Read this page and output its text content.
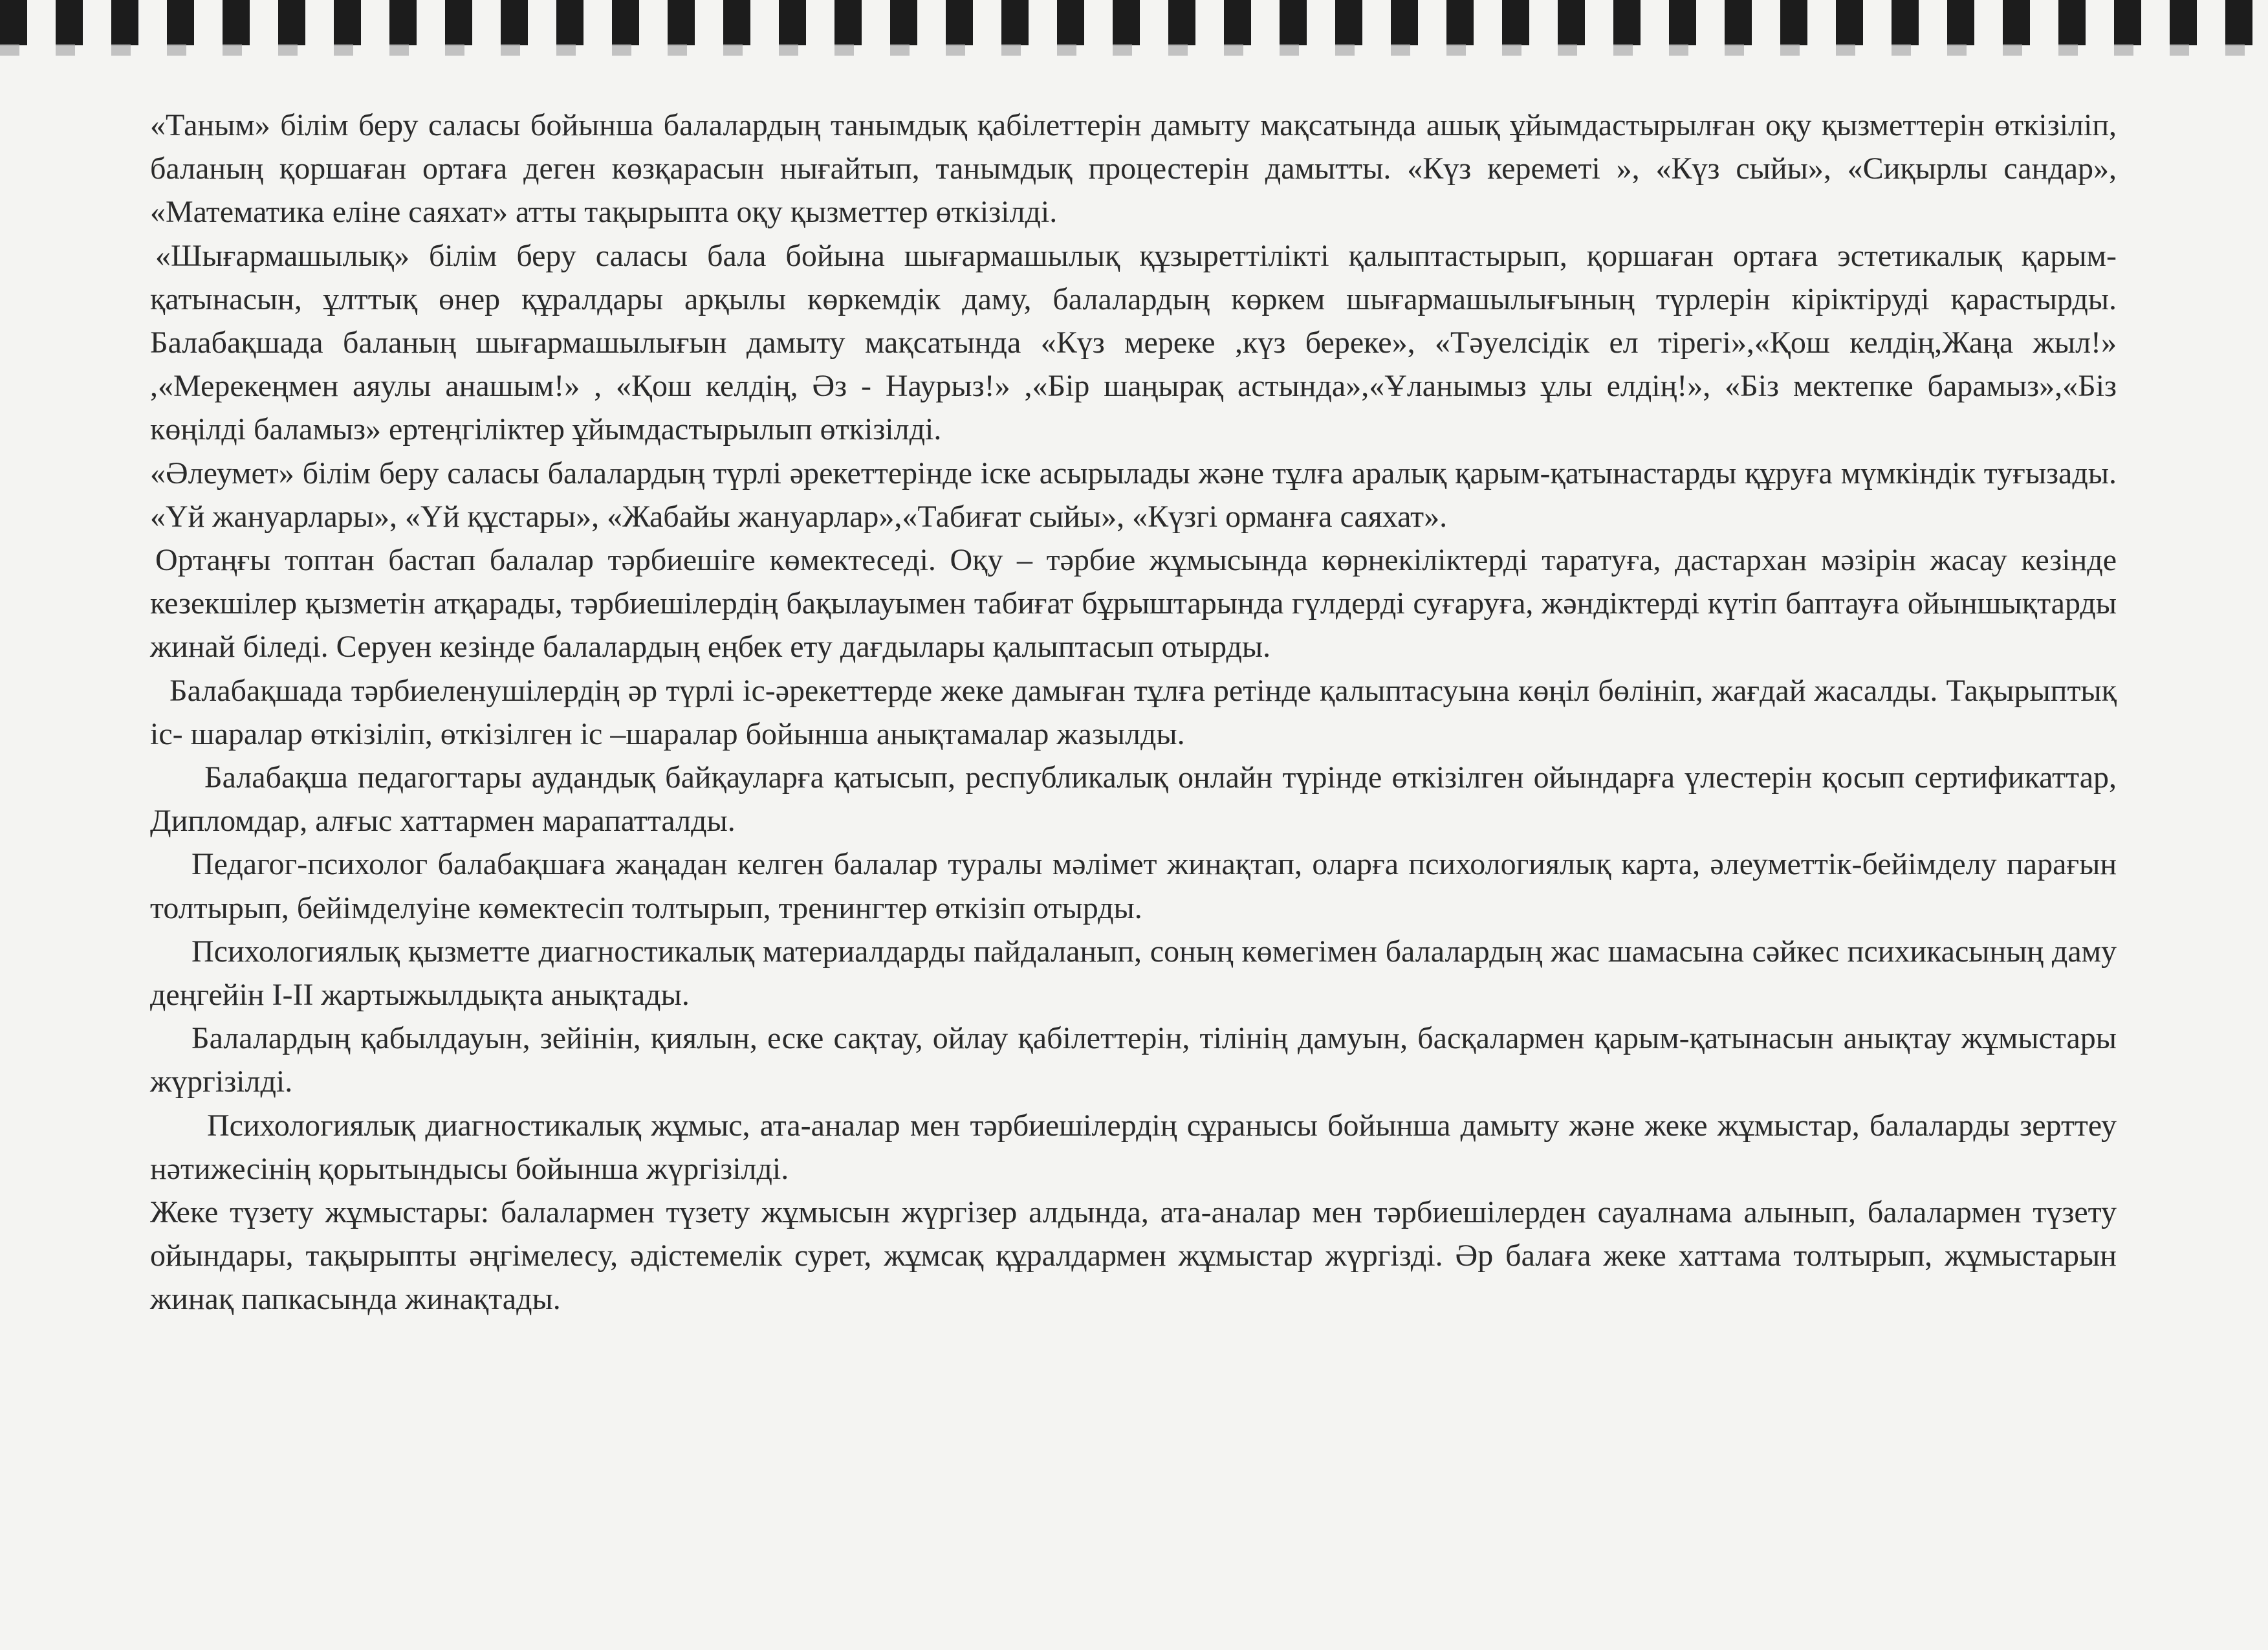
«Таным» білім беру саласы бойынша балалардың танымдық қабілеттерін дамыту мақсатында ашық ұйымдастырылған оқу қызметтерін өткізіліп, баланың қоршаған ортаға деген көзқарасын нығайтып, танымдық процестерін дамытты. «Күз кереметі », «Күз сыйы», «Сиқырлы сандар», «Математика еліне саяхат» атты тақырыпта оқу қызметтер өткізілді.

«Шығармашылық» білім беру саласы бала бойына шығармашылық құзыреттілікті қалыптастырып, қоршаған ортаға эстетикалық қарым-қатынасын, ұлттық өнер құралдары арқылы көркемдік даму, балалардың көркем шығармашылығының түрлерін кіріктіруді қарастырды. Балабақшада баланың шығармашылығын дамыту мақсатында «Күз мереке ,күз береке», «Тәуелсідік ел тірегі»,«Қош келдің,Жаңа жыл!» ,«Мерекеңмен аяулы анашым!» , «Қош келдің, Әз - Наурыз!» ,«Бір шаңырақ астында»,«Ұланымыз ұлы елдің!», «Біз мектепке барамыз»,«Біз көңілді баламыз» ертеңгіліктер ұйымдастырылып өткізілді.

«Әлеумет» білім беру саласы балалардың түрлі әрекеттерінде іске асырылады және тұлға аралық қарым-қатынастарды құруға мүмкіндік туғызады. «Үй жануарлары», «Үй құстары», «Жабайы жануарлар»,«Табиғат сыйы», «Күзгі орманға саяхат».

Ортаңғы топтан бастап балалар тәрбиешіге көмектеседі. Оқу – тәрбие жұмысында көрнекіліктерді таратуға, дастархан мәзірін жасау кезінде кезекшілер қызметін атқарады, тәрбиешілердің бақылауымен табиғат бұрыштарында гүлдерді суғаруға, жәндіктерді күтіп баптауға ойыншықтарды жинай біледі. Серуен кезінде балалардың еңбек ету дағдылары қалыптасып отырды.

Балабақшада тәрбиеленушілердің әр түрлі іс-әрекеттерде жеке дамыған тұлға ретінде қалыптасуына көңіл бөлініп, жағдай жасалды. Тақырыптық іс- шаралар өткізіліп, өткізілген іс –шаралар бойынша анықтамалар жазылды.

Балабақша педагогтары аудандық байқауларға қатысып, республикалық онлайн түрінде өткізілген ойындарға үлестерін қосып сертификаттар, Дипломдар, алғыс хаттармен марапатталды.

Педагог-психолог балабақшаға жаңадан келген балалар туралы мәлімет жинақтап, оларға психологиялық карта, әлеуметтік-бейімделу парағын толтырып, бейімделуіне көмектесіп толтырып, тренингтер өткізіп отырды.

Психологиялық қызметте диагностикалық материалдарды пайдаланып, соның көмегімен балалардың жас шамасына сәйкес психикасының даму деңгейін I-II жартыжылдықта анықтады.

Балалардың қабылдауын, зейінін, қиялын, еске сақтау, ойлау қабілеттерін, тілінің дамуын, басқалармен қарым-қатынасын анықтау жұмыстары жүргізілді.

Психологиялық диагностикалық жұмыс, ата-аналар мен тәрбиешілердің сұранысы бойынша дамыту және жеке жұмыстар, балаларды зерттеу нәтижесінің қорытындысы бойынша жүргізілді.

Жеке түзету жұмыстары: балалармен түзету жұмысын жүргізер алдында, ата-аналар мен тәрбиешілерден сауалнама алынып, балалармен түзету ойындары, тақырыпты әңгімелесу, әдістемелік сурет, жұмсақ құралдармен жұмыстар жүргізді. Әр балаға жеке хаттама толтырып, жұмыстарын жинақ папкасында жинақтады.
